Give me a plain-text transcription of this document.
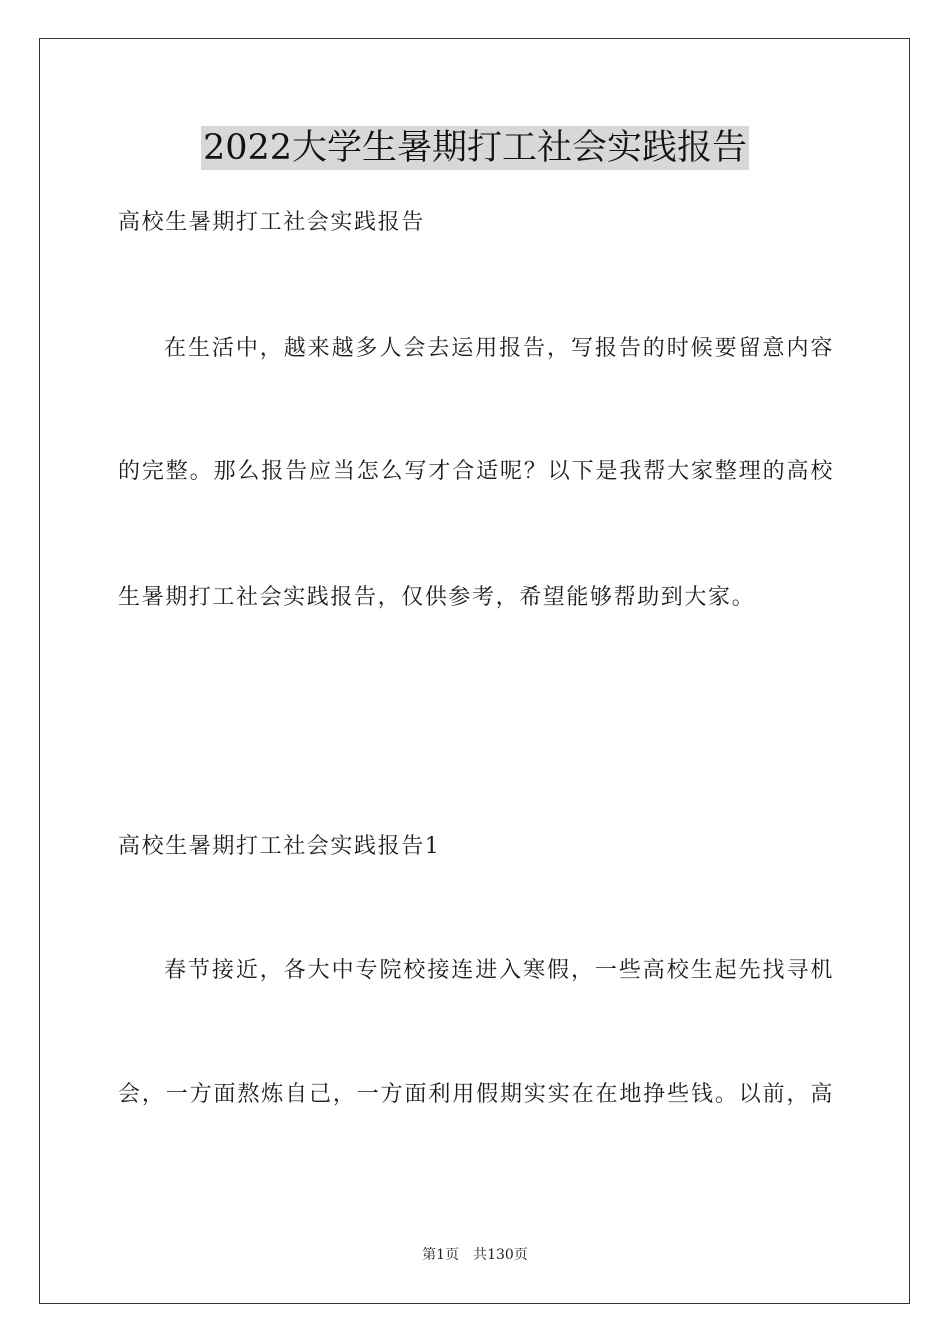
2022大学生暑期打工社会实践报告
高校生暑期打工社会实践报告
在生活中，越来越多人会去运用报告，写报告的时候要留意内容
的完整。那么报告应当怎么写才合适呢？以下是我帮大家整理的高校
生暑期打工社会实践报告，仅供参考，希望能够帮助到大家。
高校生暑期打工社会实践报告1
春节接近，各大中专院校接连进入寒假，一些高校生起先找寻机
会，一方面熬炼自己，一方面利用假期实实在在地挣些钱。以前，高
第1页 共130页
